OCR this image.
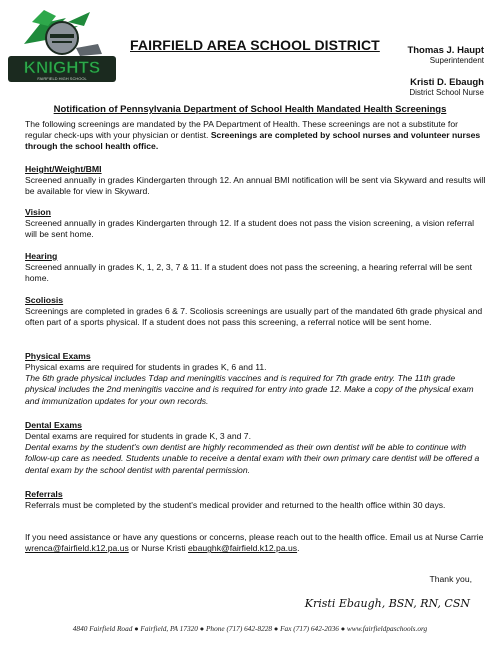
KNIGHTS
FAIRFIELD HIGH SCHOOL
FAIRFIELD AREA SCHOOL DISTRICT	Thomas J. Haupt
Superintendent
Kristi D. Ebaugh
District School Nurse
Notification of Pennsylvania Department of School Health Mandated Health Screenings
The following screenings are mandated by the PA Department of Health. These screenings are not a substitute for regular check-ups with your physician or dentist. Screenings are completed by school nurses and volunteer nurses through the school health office.
Height/Weight/BMI
Screened annually in grades Kindergarten through 12. An annual BMI notification will be sent via Skyward and results will be available for view in Skyward.
Vision
Screened annually in grades Kindergarten through 12. If a student does not pass the vision screening, a vision referral will be sent home.
Hearing
Screened annually in grades K, 1, 2, 3, 7 & 11. If a student does not pass the screening, a hearing referral will be sent home.
Scoliosis
Screenings are completed in grades 6 & 7. Scoliosis screenings are usually part of the mandated 6th grade physical and often part of a sports physical. If a student does not pass this screening, a referral notice will be sent home.
Physical Exams
Physical exams are required for students in grades K, 6 and 11.
The 6th grade physical includes Tdap and meningitis vaccines and is required for 7th grade entry. The 11th grade physical includes the 2nd meningitis vaccine and is required for entry into grade 12. Make a copy of the physical exam and immunization updates for your own records.
Dental Exams
Dental exams are required for students in grade K, 3 and 7.
Dental exams by the student's own dentist are highly recommended as their own dentist will be able to continue with follow-up care as needed. Students unable to receive a dental exam with their own primary care dentist will be offered a dental exam by the school dentist with parental permission.
Referrals
Referrals must be completed by the student's medical provider and returned to the health office within 30 days.
If you need assistance or have any questions or concerns, please reach out to the health office. Email us at Nurse Carrie wrenca@fairfield.k12.pa.us or Nurse Kristi ebaughk@fairfield.k12.pa.us.
Thank you,
Kristi Ebaugh, BSN, RN, CSN
4840 Fairfield Road ● Fairfield, PA 17320 ● Phone (717) 642-8228 ● Fax (717) 642-2036 ● www.fairfieldpaschools.org
